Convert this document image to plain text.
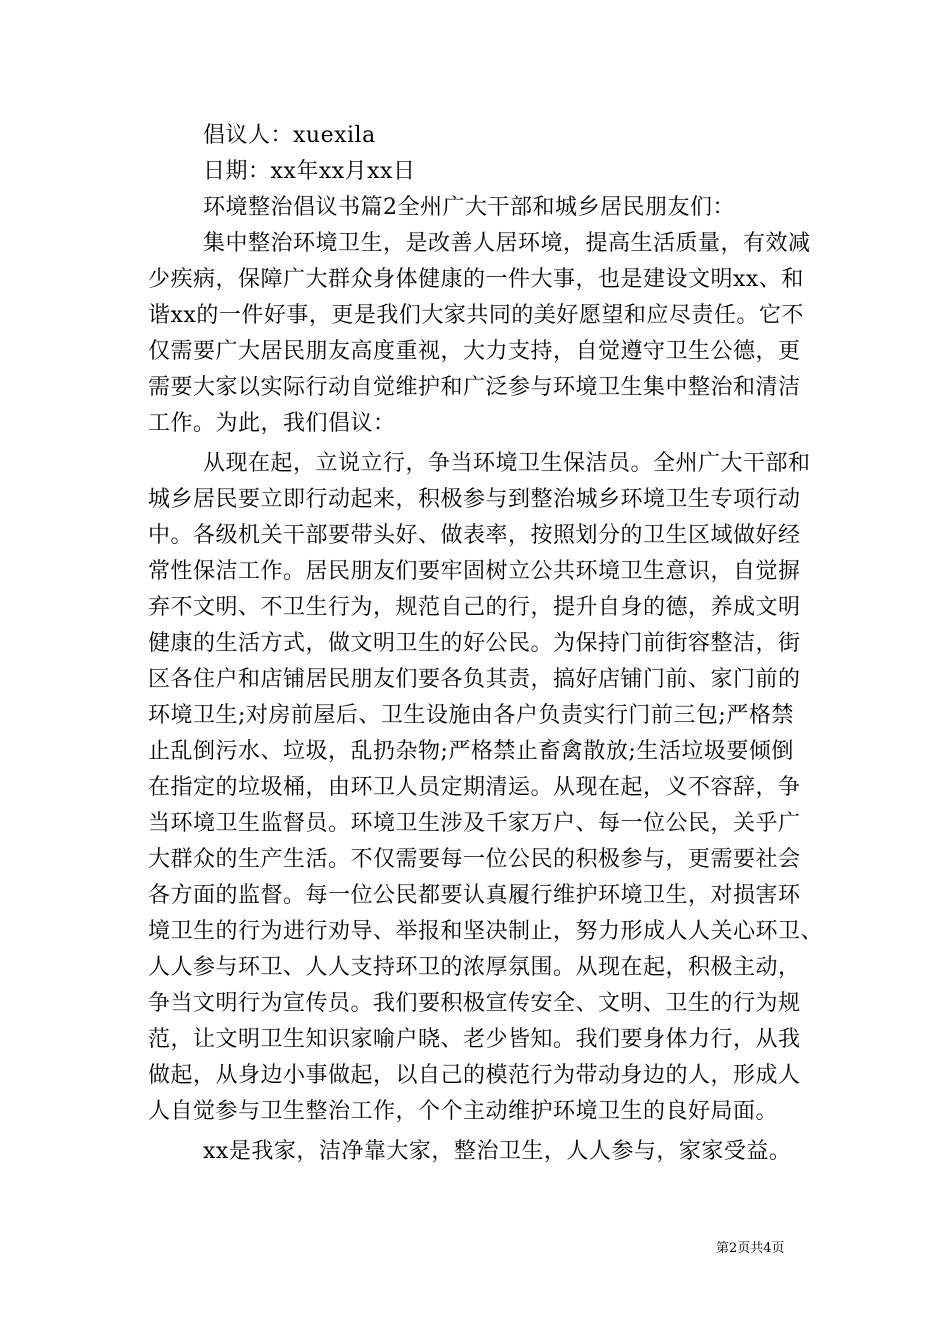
倡议人：xuexila
日期：xx年xx月xx日
环境整治倡议书篇2全州广大干部和城乡居民朋友们：
集中整治环境卫生，是改善人居环境，提高生活质量，有效减
少疾病，保障广大群众身体健康的一件大事，也是建设文明xx、和
谐xx的一件好事，更是我们大家共同的美好愿望和应尽责任。它不
仅需要广大居民朋友高度重视，大力支持，自觉遵守卫生公德，更
需要大家以实际行动自觉维护和广泛参与环境卫生集中整治和清洁
工作。为此，我们倡议：
从现在起，立说立行，争当环境卫生保洁员。全州广大干部和
城乡居民要立即行动起来，积极参与到整治城乡环境卫生专项行动
中。各级机关干部要带头好、做表率，按照划分的卫生区域做好经
常性保洁工作。居民朋友们要牢固树立公共环境卫生意识，自觉摒
弃不文明、不卫生行为，规范自己的行，提升自身的德，养成文明
健康的生活方式，做文明卫生的好公民。为保持门前街容整洁，街
区各住户和店铺居民朋友们要各负其责，搞好店铺门前、家门前的
环境卫生;对房前屋后、卫生设施由各户负责实行门前三包;严格禁
止乱倒污水、垃圾，乱扔杂物;严格禁止畜禽散放;生活垃圾要倾倒
在指定的垃圾桶，由环卫人员定期清运。从现在起，义不容辞，争
当环境卫生监督员。环境卫生涉及千家万户、每一位公民，关乎广
大群众的生产生活。不仅需要每一位公民的积极参与，更需要社会
各方面的监督。每一位公民都要认真履行维护环境卫生，对损害环
境卫生的行为进行劝导、举报和坚决制止，努力形成人人关心环卫、
人人参与环卫、人人支持环卫的浓厚氛围。从现在起，积极主动，
争当文明行为宣传员。我们要积极宣传安全、文明、卫生的行为规
范，让文明卫生知识家喻户晓、老少皆知。我们要身体力行，从我
做起，从身边小事做起，以自己的模范行为带动身边的人，形成人
人自觉参与卫生整治工作，个个主动维护环境卫生的良好局面。
xx是我家，洁净靠大家，整治卫生，人人参与，家家受益。
第2页共4页
